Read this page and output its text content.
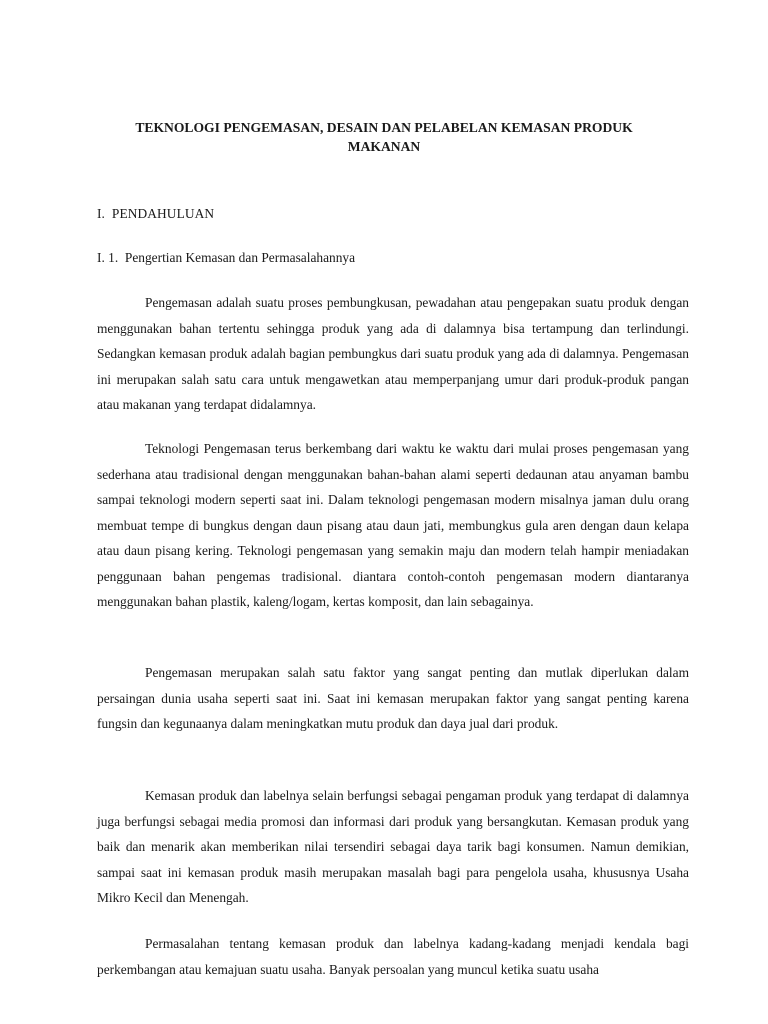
TEKNOLOGI PENGEMASAN, DESAIN DAN PELABELAN KEMASAN PRODUK
MAKANAN
I.  PENDAHULUAN
I. 1.  Pengertian Kemasan dan Permasalahannya

Pengemasan adalah suatu proses pembungkusan, pewadahan atau pengepakan suatu produk dengan menggunakan bahan tertentu sehingga produk yang ada di dalamnya bisa tertampung dan terlindungi. Sedangkan kemasan produk adalah bagian pembungkus dari suatu produk yang ada di dalamnya. Pengemasan ini merupakan salah satu cara untuk mengawetkan atau memperpanjang umur dari produk-produk pangan atau makanan yang terdapat didalamnya.

Teknologi Pengemasan terus berkembang dari waktu ke waktu dari mulai proses pengemasan yang sederhana atau tradisional dengan menggunakan bahan-bahan alami seperti dedaunan atau anyaman bambu sampai teknologi modern seperti saat ini. Dalam teknologi pengemasan modern misalnya jaman dulu orang membuat tempe di bungkus dengan daun pisang atau daun jati, membungkus gula aren dengan daun kelapa atau daun pisang kering. Teknologi pengemasan yang semakin maju dan modern telah hampir meniadakan penggunaan bahan pengemas tradisional. diantara contoh-contoh pengemasan modern diantaranya menggunakan bahan plastik, kaleng/logam, kertas komposit, dan lain sebagainya.

Pengemasan merupakan salah satu faktor yang sangat penting dan mutlak diperlukan dalam persaingan dunia usaha seperti saat ini. Saat ini kemasan merupakan faktor yang sangat penting karena fungsin dan kegunaanya dalam meningkatkan mutu produk dan daya jual dari produk.

Kemasan produk dan labelnya selain berfungsi sebagai pengaman produk yang terdapat di dalamnya juga berfungsi sebagai media promosi dan informasi dari produk yang bersangkutan. Kemasan produk yang baik dan menarik akan memberikan nilai tersendiri sebagai daya tarik bagi konsumen. Namun demikian, sampai saat ini kemasan produk masih merupakan masalah bagi para pengelola usaha, khususnya Usaha Mikro Kecil dan Menengah.

Permasalahan tentang kemasan produk dan labelnya kadang-kadang menjadi kendala bagi perkembangan atau kemajuan suatu usaha. Banyak persoalan yang muncul ketika suatu usaha
